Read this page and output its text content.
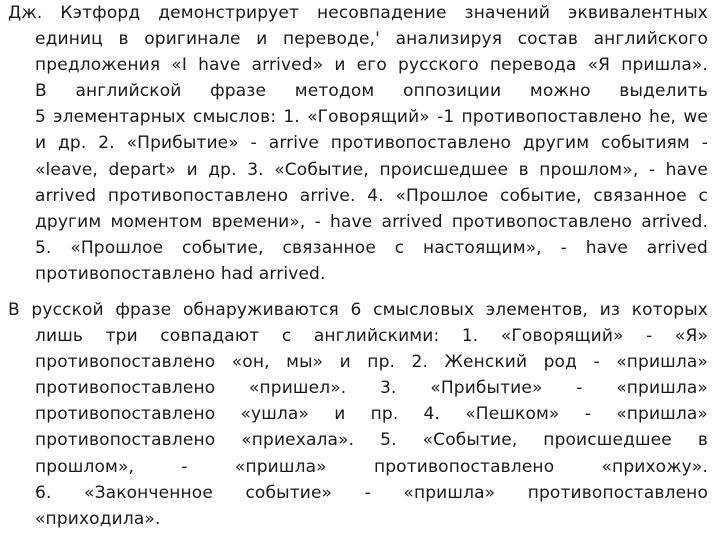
Дж. Кэтфорд демонстрирует несовпадение значений эквивалентных
единиц в оригинале и переводе,' анализируя состав английского
предложения «I have arrived» и его русского перевода «Я пришла».
В английской фразе методом оппозиции можно выделить
5 элементарных смыслов: 1. «Говорящий» -1 противопоставлено he, we
и др. 2. «Прибытие» - arrive противопоставлено другим событиям -
«leave, depart» и др. 3. «Событие, происшедшее в прошлом», - have
arrived противопоставлено arrive. 4. «Прошлое событие, связанное с
другим моментом времени», - have arrived противопоставлено arrived.
5. «Прошлое событие, связанное с настоящим», - have arrived
противопоставлено had arrived.
В русской фразе обнаруживаются 6 смысловых элементов, из которых
лишь три совпадают с английскими: 1. «Говорящий» - «Я»
противопоставлено «он, мы» и пр. 2. Женский род - «пришла»
противопоставлено «пришел». 3. «Прибытие» - «пришла»
противопоставлено «ушла» и пр. 4. «Пешком» - «пришла»
противопоставлено «приехала». 5. «Событие, происшедшее в
прошлом», - «пришла» противопоставлено «прихожу».
6. «Законченное событие» - «пришла» противопоставлено
«приходила».
